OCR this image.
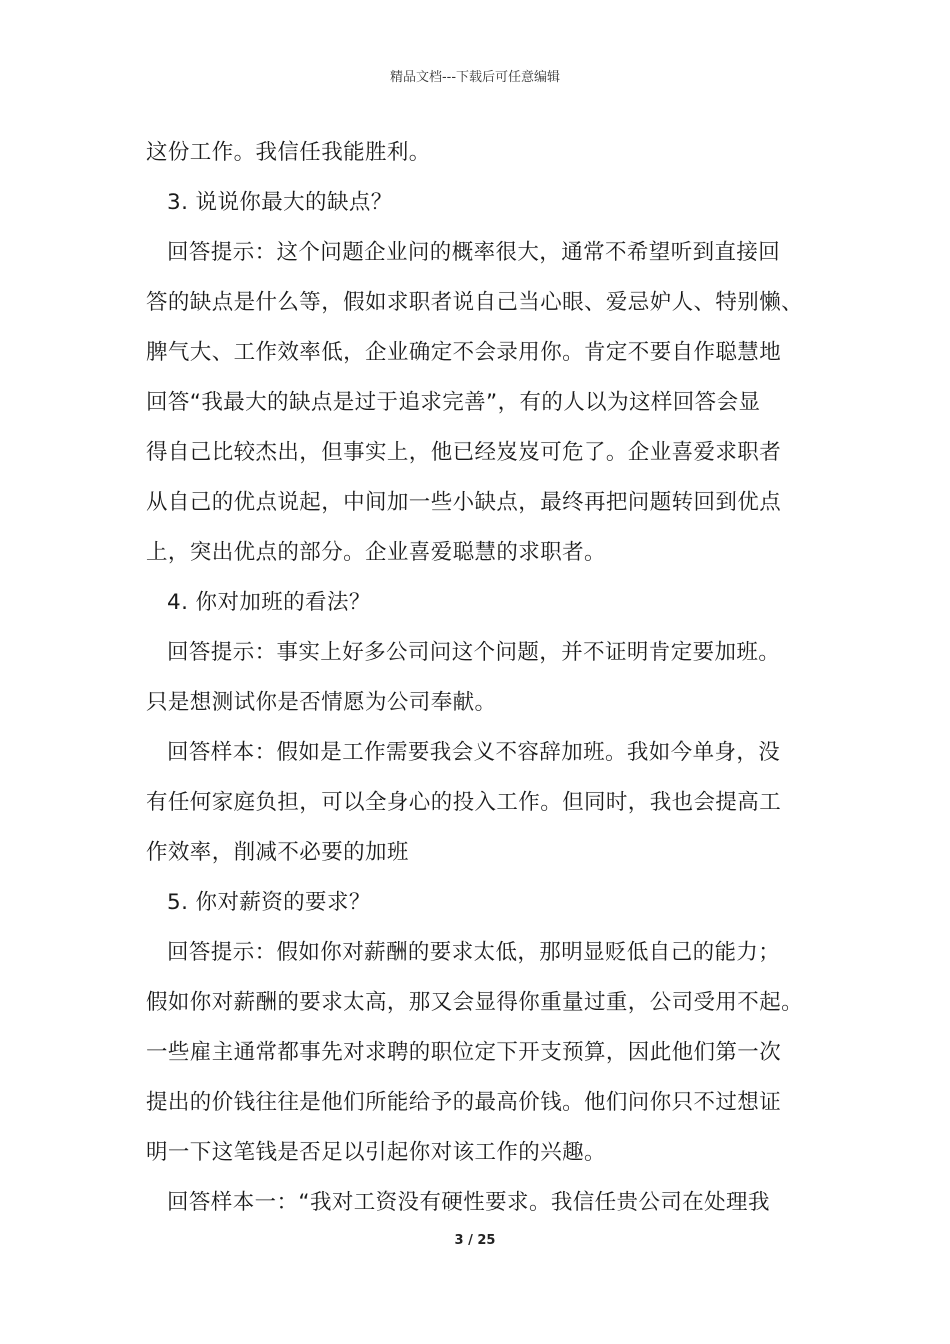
精品文档---下载后可任意编辑
这份工作。我信任我能胜利。
3. 说说你最大的缺点？
回答提示：这个问题企业问的概率很大，通常不希望听到直接回
答的缺点是什么等，假如求职者说自己当心眼、爱忌妒人、特别懒、
脾气大、工作效率低，企业确定不会录用你。肯定不要自作聪慧地
回答“我最大的缺点是过于追求完善”，有的人以为这样回答会显
得自己比较杰出，但事实上，他已经岌岌可危了。企业喜爱求职者
从自己的优点说起，中间加一些小缺点，最终再把问题转回到优点
上，突出优点的部分。企业喜爱聪慧的求职者。
4. 你对加班的看法？
回答提示：事实上好多公司问这个问题，并不证明肯定要加班。
只是想测试你是否情愿为公司奉献。
回答样本：假如是工作需要我会义不容辞加班。我如今单身，没
有任何家庭负担，可以全身心的投入工作。但同时，我也会提高工
作效率，削减不必要的加班
5. 你对薪资的要求？
回答提示：假如你对薪酬的要求太低，那明显贬低自己的能力；
假如你对薪酬的要求太高，那又会显得你重量过重，公司受用不起。
一些雇主通常都事先对求聘的职位定下开支预算，因此他们第一次
提出的价钱往往是他们所能给予的最高价钱。他们问你只不过想证
明一下这笔钱是否足以引起你对该工作的兴趣。
回答样本一：“我对工资没有硬性要求。我信任贵公司在处理我
3 / 25
